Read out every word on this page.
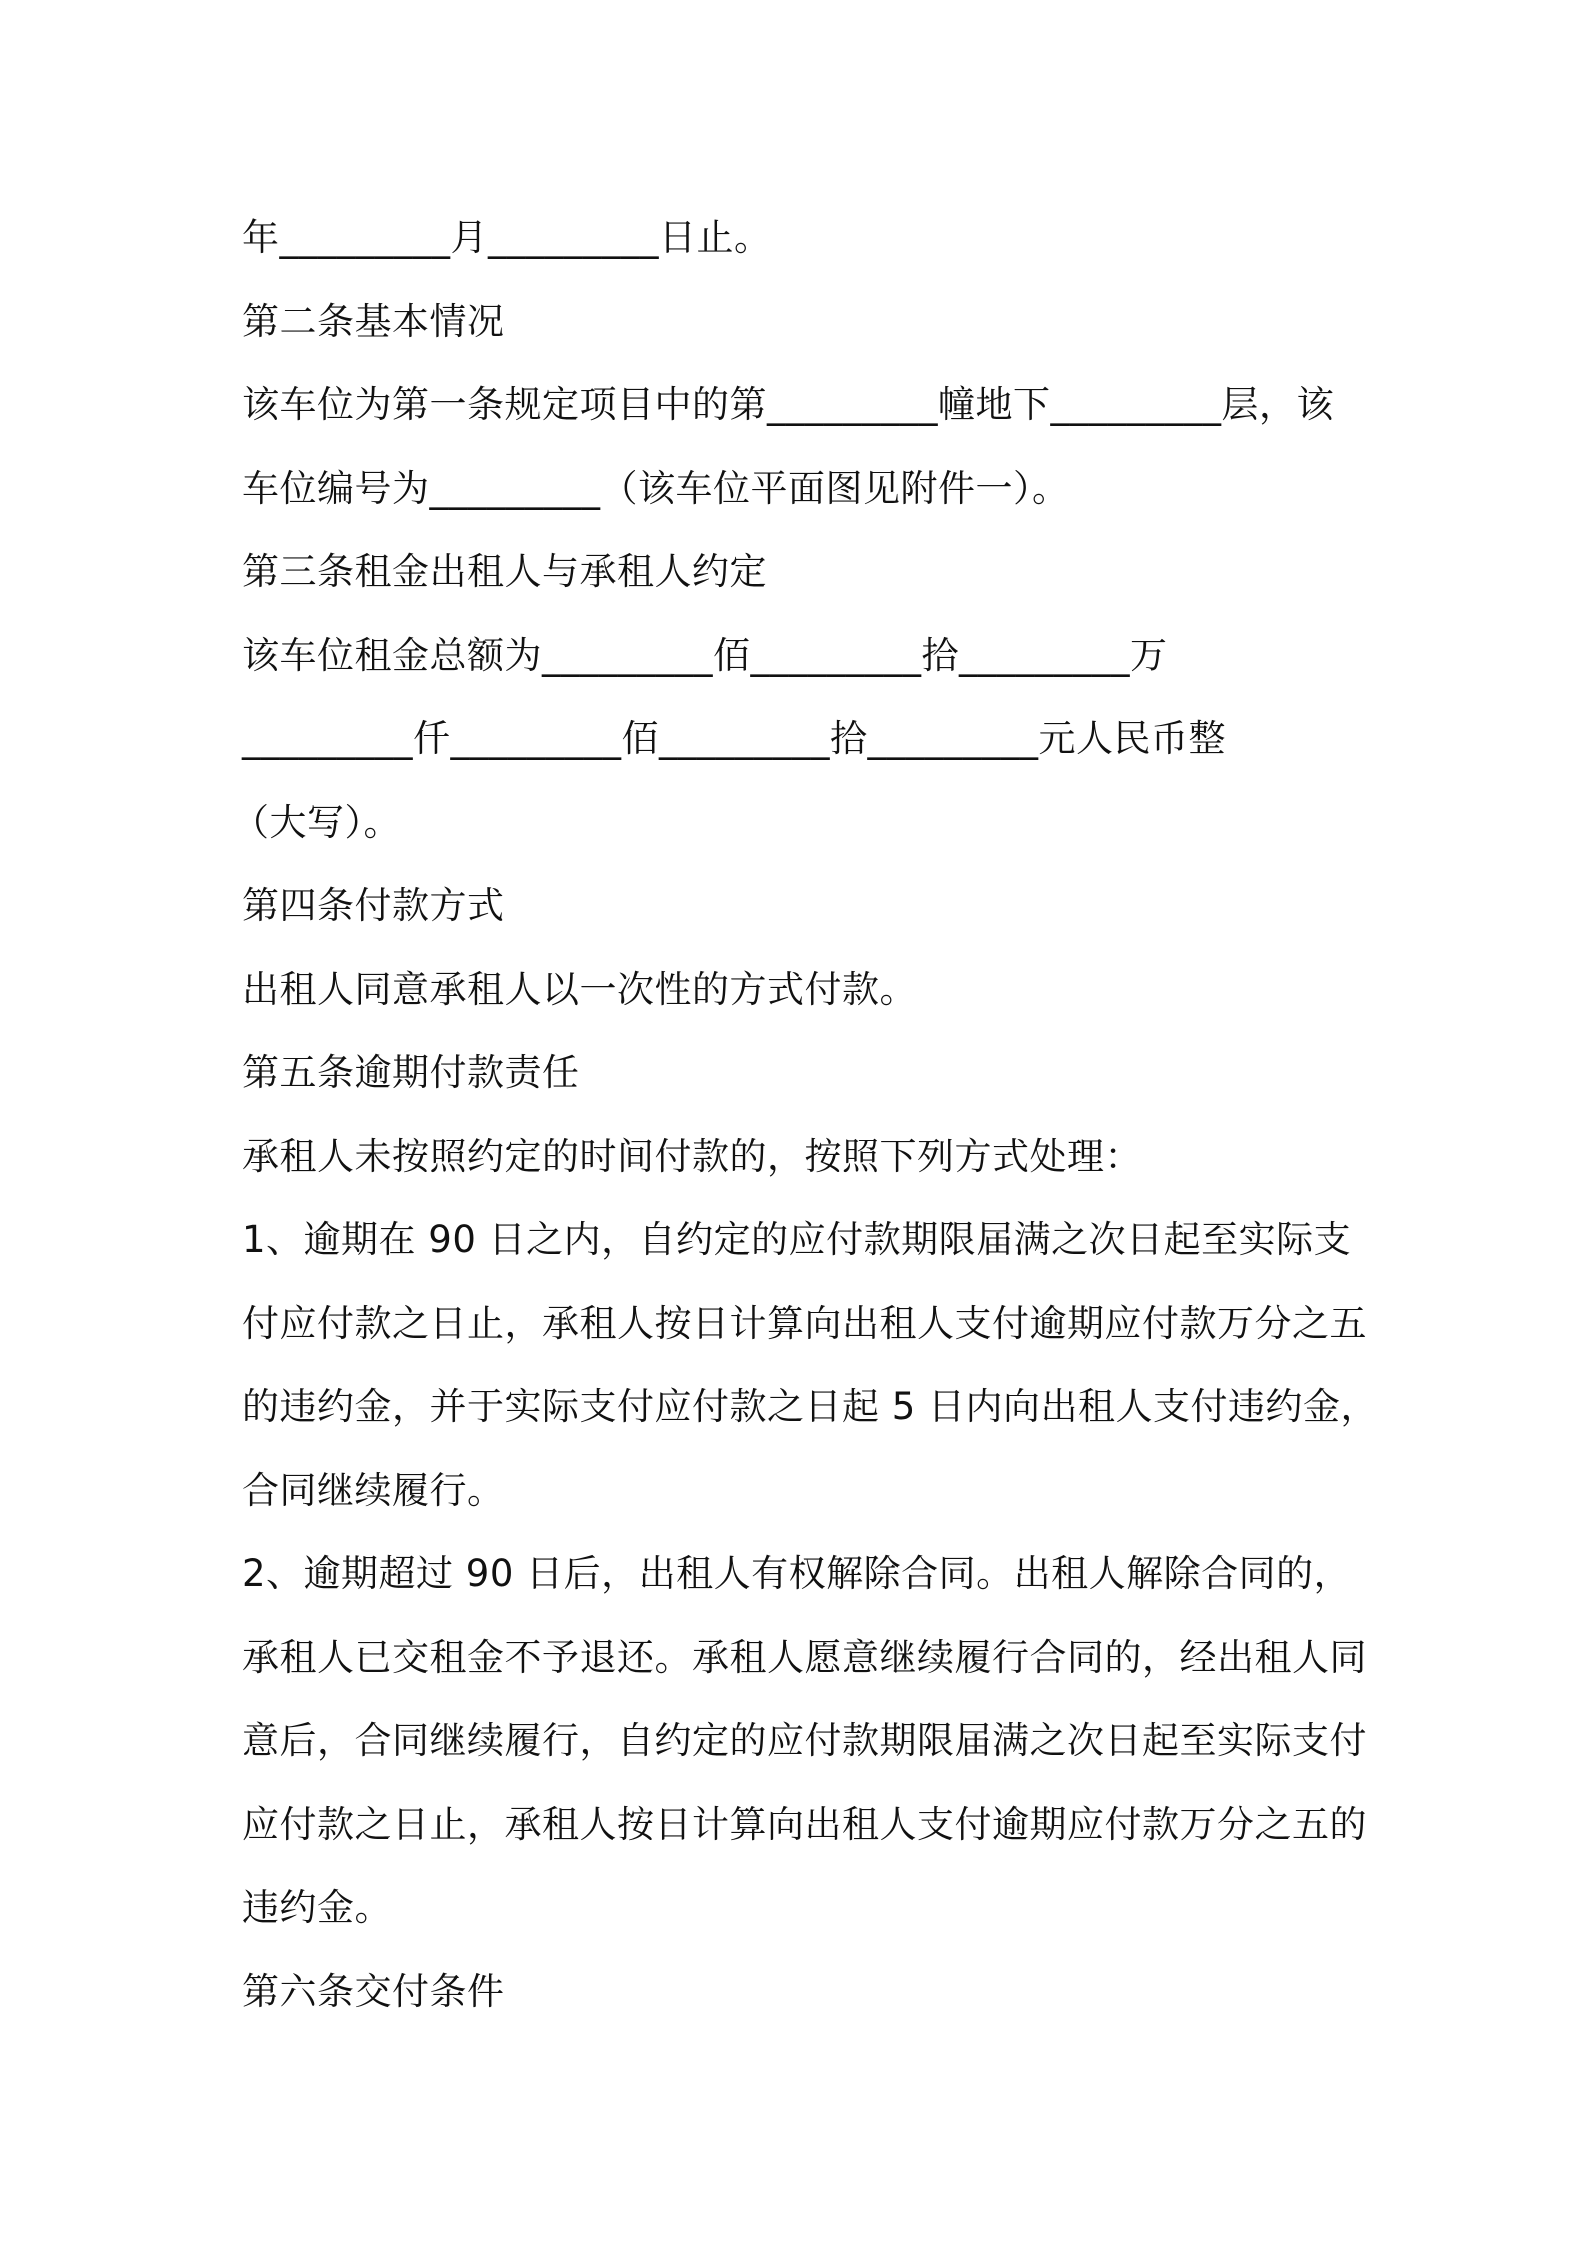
年_________月_________日止。
第二条基本情况
该车位为第一条规定项目中的第_________幢地下_________层，该
车位编号为_________（该车位平面图见附件一）。
第三条租金出租人与承租人约定
该车位租金总额为_________佰_________拾_________万
_________仟_________佰_________拾_________元人民币整
（大写）。
第四条付款方式
出租人同意承租人以一次性的方式付款。
第五条逾期付款责任
承租人未按照约定的时间付款的，按照下列方式处理：
1、逾期在 90 日之内，自约定的应付款期限届满之次日起至实际支
付应付款之日止，承租人按日计算向出租人支付逾期应付款万分之五
的违约金，并于实际支付应付款之日起 5 日内向出租人支付违约金，
合同继续履行。
2、逾期超过 90 日后，出租人有权解除合同。出租人解除合同的，
承租人已交租金不予退还。承租人愿意继续履行合同的，经出租人同
意后，合同继续履行，自约定的应付款期限届满之次日起至实际支付
应付款之日止，承租人按日计算向出租人支付逾期应付款万分之五的
违约金。
第六条交付条件
